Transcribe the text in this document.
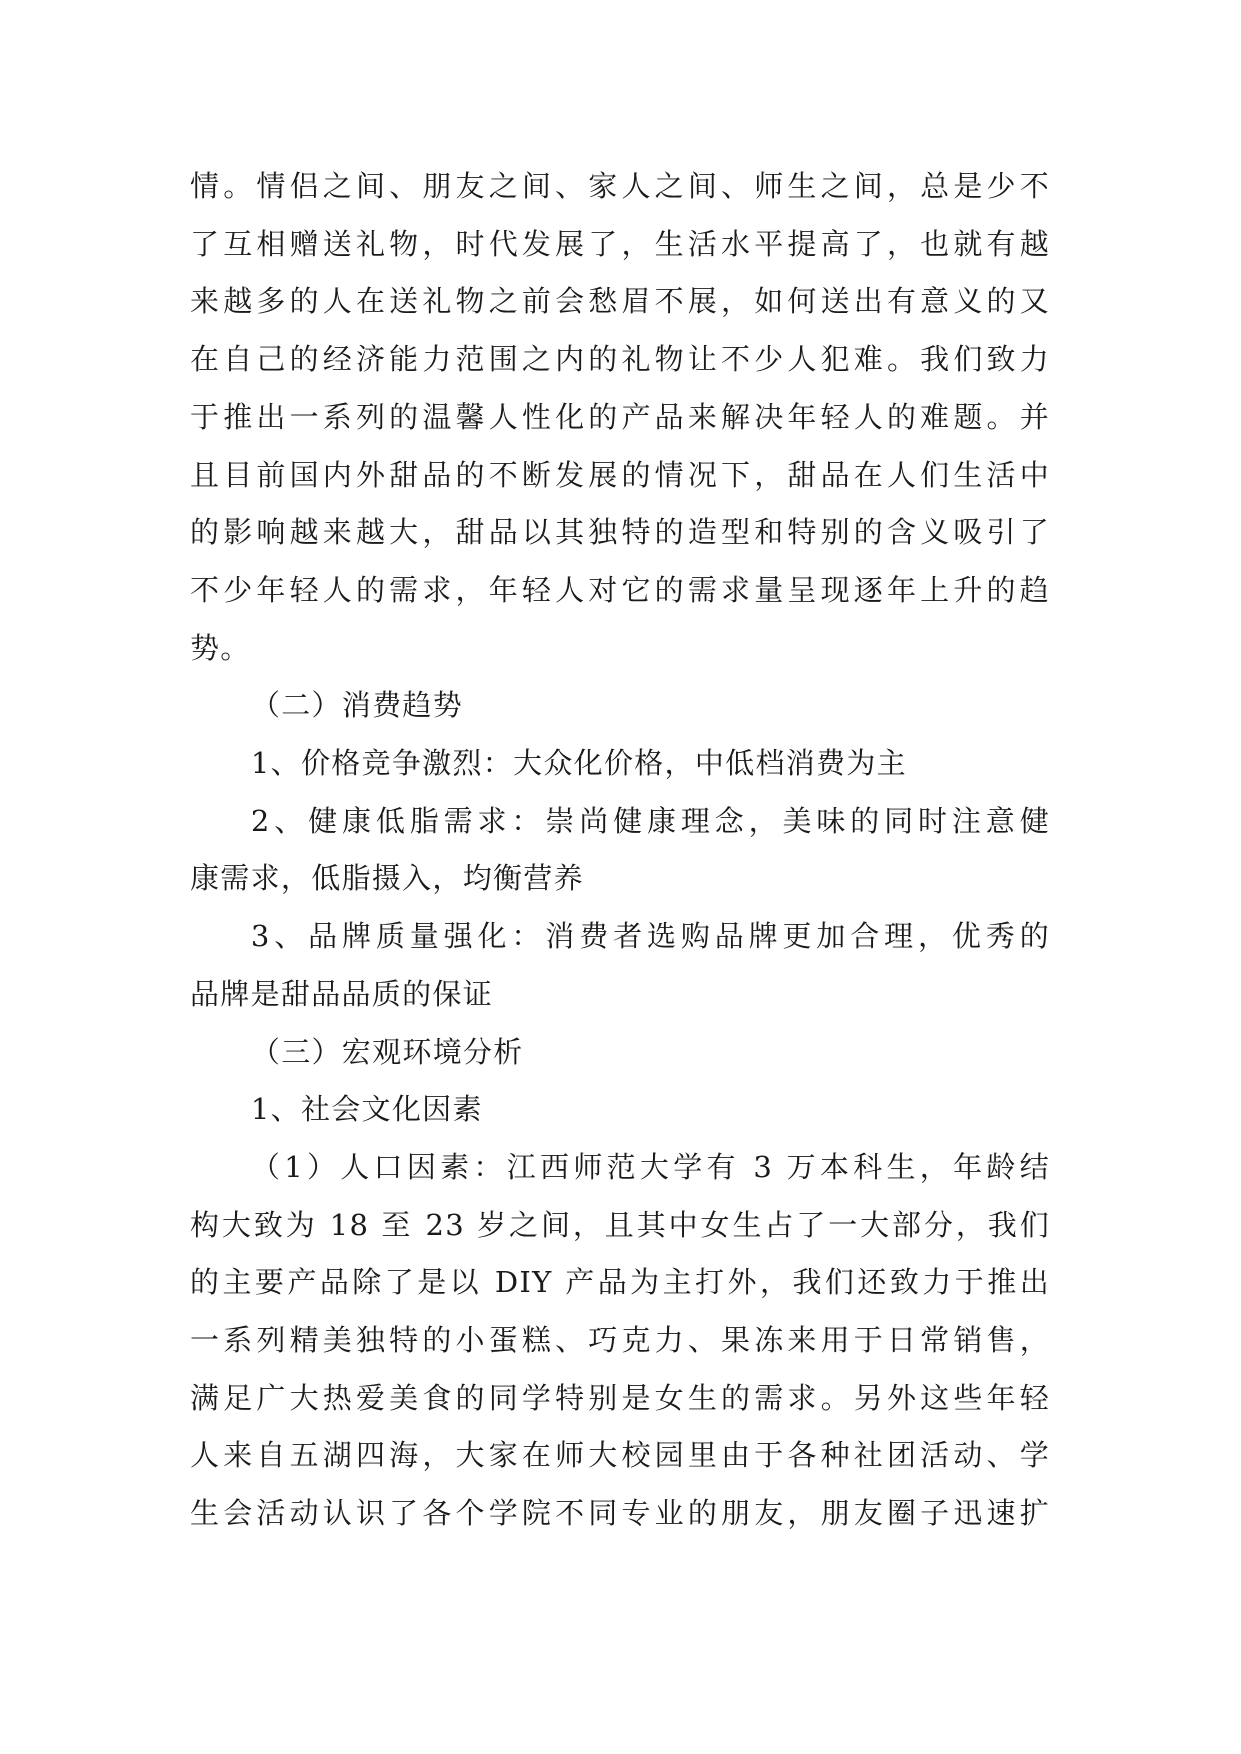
情。情侣之间、朋友之间、家人之间、师生之间，总是少不
了互相赠送礼物，时代发展了，生活水平提高了，也就有越
来越多的人在送礼物之前会愁眉不展，如何送出有意义的又
在自己的经济能力范围之内的礼物让不少人犯难。我们致力
于推出一系列的温馨人性化的产品来解决年轻人的难题。并
且目前国内外甜品的不断发展的情况下，甜品在人们生活中
的影响越来越大，甜品以其独特的造型和特别的含义吸引了
不少年轻人的需求，年轻人对它的需求量呈现逐年上升的趋
势。
（二）消费趋势
1、价格竞争激烈：大众化价格，中低档消费为主
2、健康低脂需求：崇尚健康理念，美味的同时注意健
康需求，低脂摄入，均衡营养
3、品牌质量强化：消费者选购品牌更加合理，优秀的
品牌是甜品品质的保证
（三）宏观环境分析
1、社会文化因素
（1）人口因素：江西师范大学有 3 万本科生，年龄结
构大致为 18 至 23 岁之间，且其中女生占了一大部分，我们
的主要产品除了是以 DIY 产品为主打外，我们还致力于推出
一系列精美独特的小蛋糕、巧克力、果冻来用于日常销售，
满足广大热爱美食的同学特别是女生的需求。另外这些年轻
人来自五湖四海，大家在师大校园里由于各种社团活动、学
生会活动认识了各个学院不同专业的朋友，朋友圈子迅速扩
